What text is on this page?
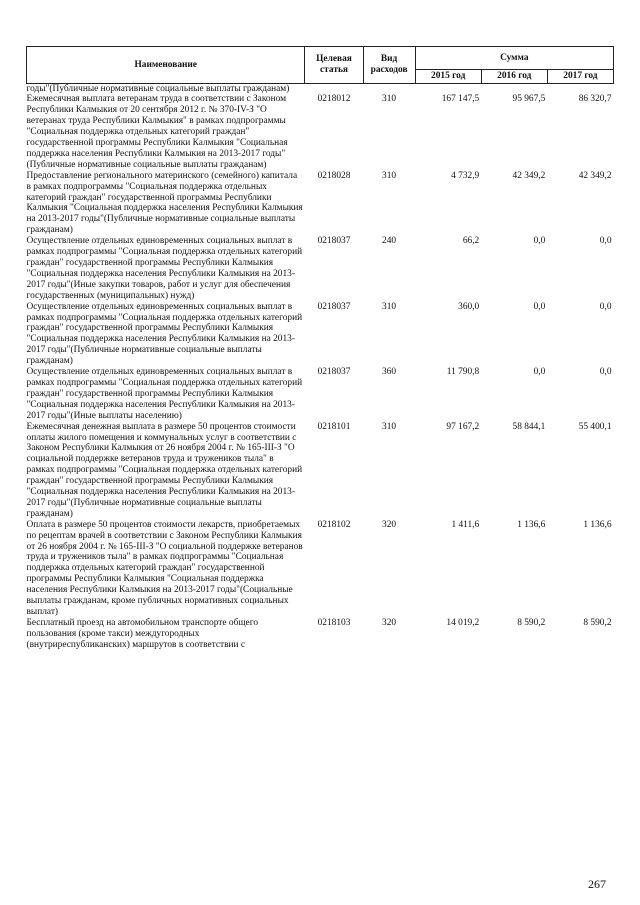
Наименование	Целевая статья	Вид расходов	Сумма		
			2015 год	2016 год	2017 год
годы"(Публичные нормативные социальные выплаты гражданам)					
Ежемесячная выплата ветеранам труда в соответствии с Законом Республики Калмыкия от 20 сентября 2012 г. № 370-IV-З "О ветеранах труда Республики Калмыкия" в рамках подпрограммы "Социальная поддержка отдельных категорий граждан" государственной программы Республики Калмыкия "Социальная поддержка населения Республики Калмыкия на 2013-2017 годы"(Публичные нормативные социальные выплаты гражданам)	0218012	310	167 147,5	95 967,5	86 320,7
Предоставление регионального материнского (семейного) капитала в рамках подпрограммы "Социальная поддержка отдельных категорий граждан" государственной программы Республики Калмыкия "Социальная поддержка населения Республики Калмыкия на 2013-2017 годы"(Публичные нормативные социальные выплаты гражданам)	0218028	310	4 732,9	42 349,2	42 349,2
Осуществление отдельных единовременных социальных выплат в рамках подпрограммы "Социальная поддержка отдельных категорий граждан" государственной программы Республики Калмыкия "Социальная поддержка населения Республики Калмыкия на 2013-2017 годы"(Иные закупки товаров, работ и услуг для обеспечения государственных (муниципальных) нужд)	0218037	240	66,2	0,0	0,0
Осуществление отдельных единовременных социальных выплат в рамках подпрограммы "Социальная поддержка отдельных категорий граждан" государственной программы Республики Калмыкия "Социальная поддержка населения Республики Калмыкия на 2013-2017 годы"(Публичные нормативные социальные выплаты гражданам)	0218037	310	360,0	0,0	0,0
Осуществление отдельных единовременных социальных выплат в рамках подпрограммы "Социальная поддержка отдельных категорий граждан" государственной программы Республики Калмыкия "Социальная поддержка населения Республики Калмыкия на 2013-2017 годы"(Иные выплаты населению)	0218037	360	11 790,8	0,0	0,0
Ежемесячная денежная выплата в размере 50 процентов стоимости оплаты жилого помещения и коммунальных услуг в соответствии с Законом Республики Калмыкия от 26 ноября 2004 г. № 165-III-З "О социальной поддержке ветеранов труда и тружеников тыла" в рамках подпрограммы "Социальная поддержка отдельных категорий граждан" государственной программы Республики Калмыкия "Социальная поддержка населения Республики Калмыкия на 2013-2017 годы"(Публичные нормативные социальные выплаты гражданам)	0218101	310	97 167,2	58 844,1	55 400,1
Оплата в размере 50 процентов стоимости лекарств, приобретаемых по рецептам врачей в соответствии с Законом Республики Калмыкия от 26 ноября 2004 г. № 165-III-З "О социальной поддержке ветеранов труда и тружеников тыла" в рамках подпрограммы "Социальная поддержка отдельных категорий граждан" государственной программы Республики Калмыкия "Социальная поддержка населения Республики Калмыкия на 2013-2017 годы"(Социальные выплаты гражданам, кроме публичных нормативных социальных выплат)	0218102	320	1 411,6	1 136,6	1 136,6
Бесплатный проезд на автомобильном транспорте общего пользования (кроме такси) междугородных (внутриреспубликанских) маршрутов в соответствии с	0218103	320	14 019,2	8 590,2	8 590,2
267
